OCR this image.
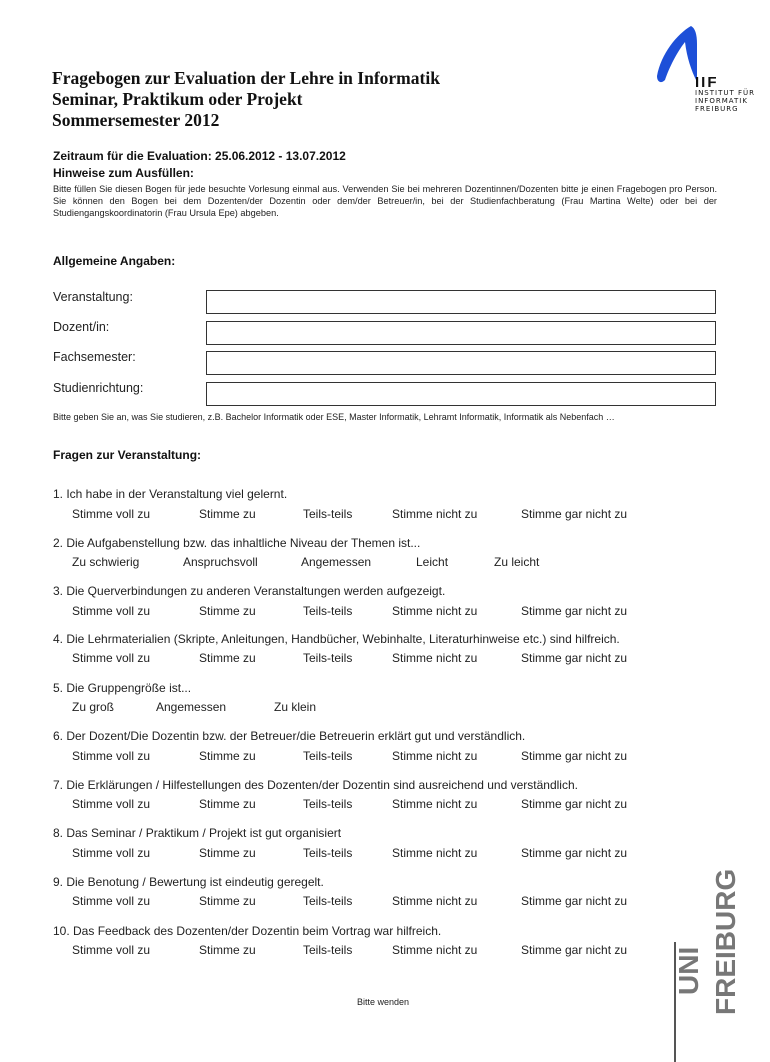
Fragebogen zur Evaluation der Lehre in Informatik
Seminar, Praktikum oder Projekt
Sommersemester 2012
IIF
INSTITUT FÜR
INFORMATIK
FREIBURG
Zeitraum für die Evaluation: 25.06.2012 - 13.07.2012
Hinweise zum Ausfüllen:
Bitte füllen Sie diesen Bogen für jede besuchte Vorlesung einmal aus. Verwenden Sie bei mehreren Dozentinnen/Dozenten bitte je einen Fragebogen pro Person. Sie können den Bogen bei dem Dozenten/der Dozentin oder dem/der Betreuer/in, bei der Studienfachberatung (Frau Martina Welte) oder bei der Studiengangskoordinatorin (Frau Ursula Epe) abgeben.
Allgemeine Angaben:
Veranstaltung:
Dozent/in:
Fachsemester:
Studienrichtung:
Bitte geben Sie an, was Sie studieren, z.B. Bachelor Informatik oder ESE, Master Informatik, Lehramt Informatik, Informatik als Nebenfach …
Fragen zur Veranstaltung:
1. Ich habe in der Veranstaltung viel gelernt.
Stimme voll zu	Stimme zu	Teils-teils	Stimme nicht zu	Stimme gar nicht zu
2. Die Aufgabenstellung bzw. das inhaltliche Niveau der Themen ist...
Zu schwierig	Anspruchsvoll	Angemessen	Leicht	Zu leicht
3. Die Querverbindungen zu anderen Veranstaltungen werden aufgezeigt.
Stimme voll zu	Stimme zu	Teils-teils	Stimme nicht zu	Stimme gar nicht zu
4. Die Lehrmaterialien (Skripte, Anleitungen, Handbücher, Webinhalte, Literaturhinweise etc.) sind hilfreich.
Stimme voll zu	Stimme zu	Teils-teils	Stimme nicht zu	Stimme gar nicht zu
5. Die Gruppengröße ist...
Zu groß	Angemessen	Zu klein
6. Der Dozent/Die Dozentin bzw. der Betreuer/die Betreuerin erklärt gut und verständlich.
Stimme voll zu	Stimme zu	Teils-teils	Stimme nicht zu	Stimme gar nicht zu
7. Die Erklärungen / Hilfestellungen des Dozenten/der Dozentin sind ausreichend und verständlich.
Stimme voll zu	Stimme zu	Teils-teils	Stimme nicht zu	Stimme gar nicht zu
8. Das Seminar / Praktikum / Projekt ist gut organisiert
Stimme voll zu	Stimme zu	Teils-teils	Stimme nicht zu	Stimme gar nicht zu
9. Die Benotung / Bewertung ist eindeutig geregelt.
Stimme voll zu	Stimme zu	Teils-teils	Stimme nicht zu	Stimme gar nicht zu
10. Das Feedback des Dozenten/der Dozentin beim Vortrag war hilfreich.
Stimme voll zu	Stimme zu	Teils-teils	Stimme nicht zu	Stimme gar nicht zu
Bitte wenden
UNI FREIBURG
